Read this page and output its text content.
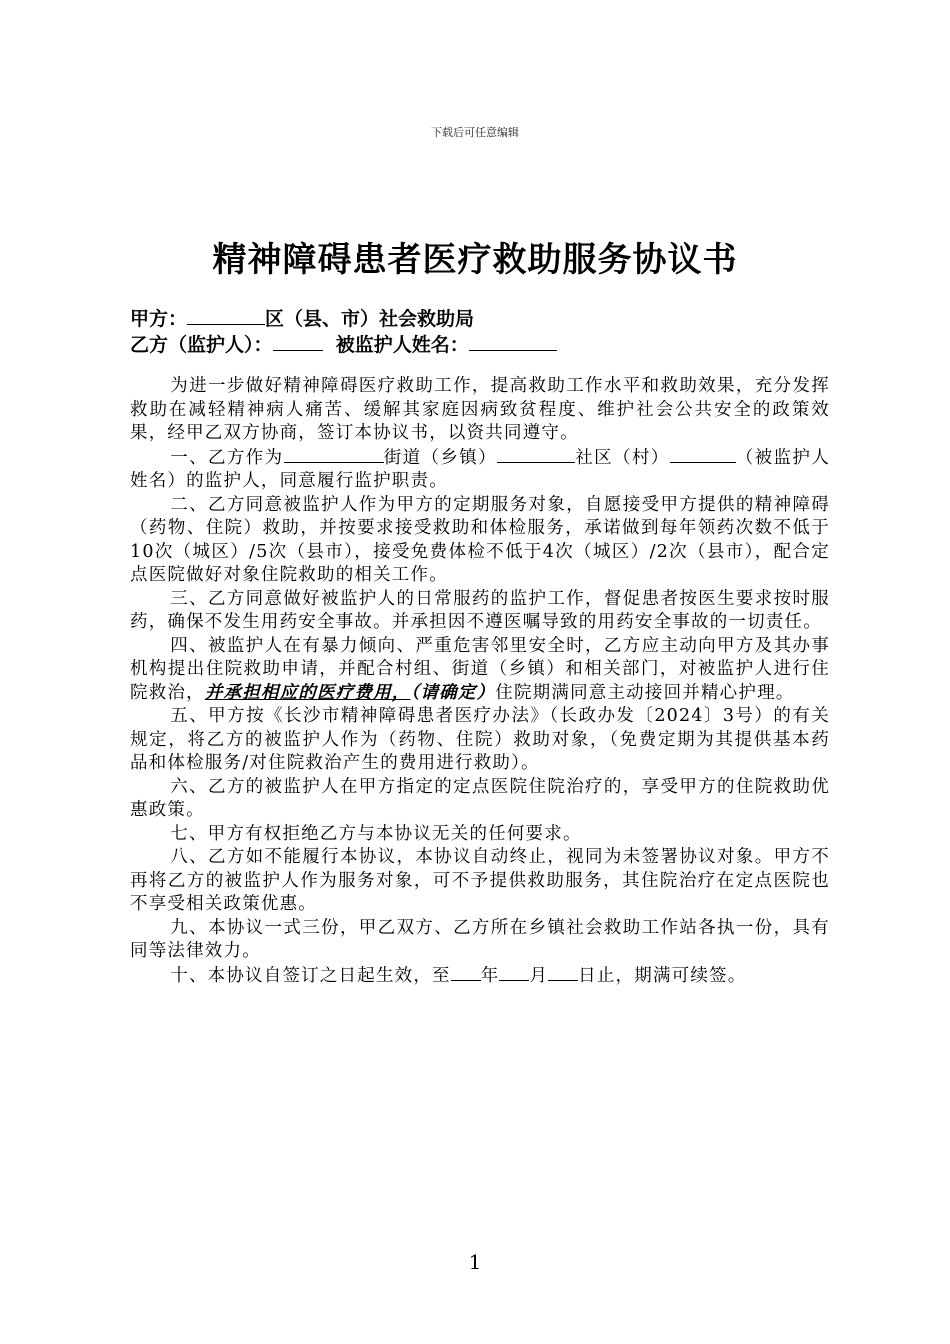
下载后可任意编辑
精神障碍患者医疗救助服务协议书
甲方：	区（县、市）社会救助局
乙方（监护人）：	被监护人姓名：

为进一步做好精神障碍医疗救助工作，提高救助工作水平和救助效果，充分发挥救助在减轻精神病人痛苦、缓解其家庭因病致贫程度、维护社会公共安全的政策效果，经甲乙双方协商，签订本协议书，以资共同遵守。

一、乙方作为	街道（乡镇）	社区（村）	（被监护人姓名）的监护人，同意履行监护职责。

二、乙方同意被监护人作为甲方的定期服务对象，自愿接受甲方提供的精神障碍（药物、住院）救助，并按要求接受救助和体检服务，承诺做到每年领药次数不低于10次（城区）/5次（县市），接受免费体检不低于4次（城区）/2次（县市），配合定点医院做好对象住院救助的相关工作。

三、乙方同意做好被监护人的日常服药的监护工作，督促患者按医生要求按时服药，确保不发生用药安全事故。并承担因不遵医嘱导致的用药安全事故的一切责任。

四、被监护人在有暴力倾向、严重危害邻里安全时，乙方应主动向甲方及其办事机构提出住院救助申请，并配合村组、街道（乡镇）和相关部门，对被监护人进行住院救治，并承担相应的医疗费用，（请确定）住院期满同意主动接回并精心护理。

五、甲方按《长沙市精神障碍患者医疗办法》（长政办发〔2024〕3号）的有关规定，将乙方的被监护人作为（药物、住院）救助对象，（免费定期为其提供基本药品和体检服务/对住院救治产生的费用进行救助）。

六、乙方的被监护人在甲方指定的定点医院住院治疗的，享受甲方的住院救助优惠政策。

七、甲方有权拒绝乙方与本协议无关的任何要求。

八、乙方如不能履行本协议，本协议自动终止，视同为未签署协议对象。甲方不再将乙方的被监护人作为服务对象，可不予提供救助服务，其住院治疗在定点医院也不享受相关政策优惠。

九、本协议一式三份，甲乙双方、乙方所在乡镇社会救助工作站各执一份，具有同等法律效力。

十、本协议自签订之日起生效，至 年 月 日止，期满可续签。

1
